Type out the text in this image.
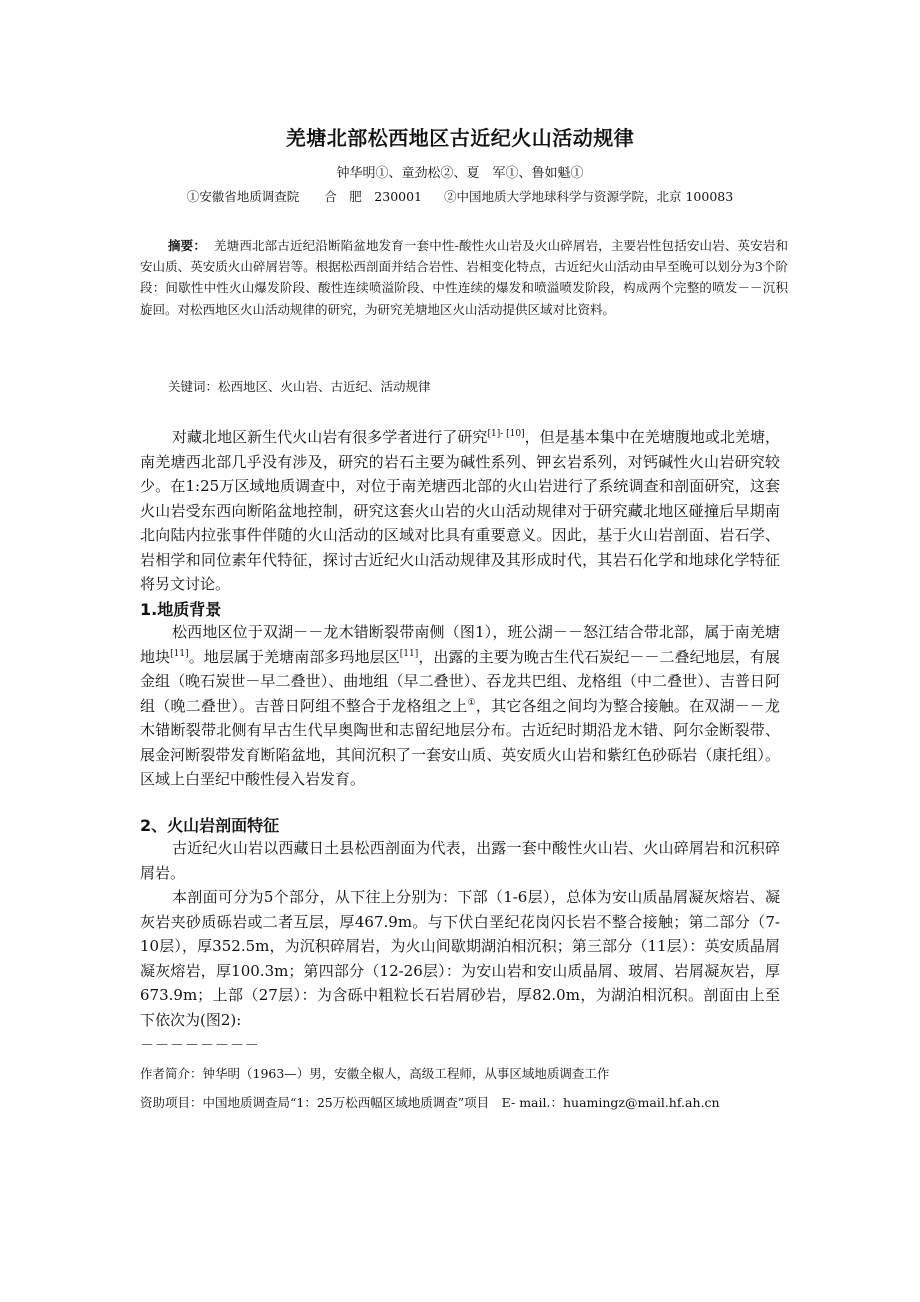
羌塘北部松西地区古近纪火山活动规律
钟华明①、童劲松②、夏　军①、鲁如魁①
①安徽省地质调查院　　合　肥　230001 ②中国地质大学地球科学与资源学院，北京 100083
摘要： 羌塘西北部古近纪沿断陷盆地发育一套中性-酸性火山岩及火山碎屑岩，主要岩性包括安山岩、英安岩和安山质、英安质火山碎屑岩等。根据松西剖面并结合岩性、岩相变化特点，古近纪火山活动由早至晚可以划分为3个阶段：间歇性中性火山爆发阶段、酸性连续喷溢阶段、中性连续的爆发和喷溢喷发阶段，构成两个完整的喷发－－沉积旋回。对松西地区火山活动规律的研究，为研究羌塘地区火山活动提供区域对比资料。
关键词：松西地区、火山岩、古近纪、活动规律
对藏北地区新生代火山岩有很多学者进行了研究[1]- [10]，但是基本集中在羌塘腹地或北羌塘，南羌塘西北部几乎没有涉及，研究的岩石主要为碱性系列、钾玄岩系列，对钙碱性火山岩研究较少。在1:25万区域地质调查中，对位于南羌塘西北部的火山岩进行了系统调查和剖面研究，这套火山岩受东西向断陷盆地控制，研究这套火山岩的火山活动规律对于研究藏北地区碰撞后早期南北向陆内拉张事件伴随的火山活动的区域对比具有重要意义。因此，基于火山岩剖面、岩石学、岩相学和同位素年代特征，探讨古近纪火山活动规律及其形成时代，其岩石化学和地球化学特征将另文讨论。
1.地质背景
松西地区位于双湖－－龙木错断裂带南侧（图1），班公湖－－怒江结合带北部，属于南羌塘地块[11]。地层属于羌塘南部多玛地层区[11]，出露的主要为晚古生代石炭纪－－二叠纪地层，有展金组（晚石炭世－早二叠世）、曲地组（早二叠世）、吞龙共巴组、龙格组（中二叠世）、吉普日阿组（晚二叠世）。吉普日阿组不整合于龙格组之上①，其它各组之间均为整合接触。在双湖－－龙木错断裂带北侧有早古生代早奥陶世和志留纪地层分布。古近纪时期沿龙木错、阿尔金断裂带、展金河断裂带发育断陷盆地，其间沉积了一套安山质、英安质火山岩和紫红色砂砾岩（康托组）。区域上白垩纪中酸性侵入岩发育。
2、火山岩剖面特征
古近纪火山岩以西藏日土县松西剖面为代表，出露一套中酸性火山岩、火山碎屑岩和沉积碎屑岩。
本剖面可分为5个部分，从下往上分别为：下部（1-6层），总体为安山质晶屑凝灰熔岩、凝灰岩夹砂质砾岩或二者互层，厚467.9m。与下伏白垩纪花岗闪长岩不整合接触；第二部分（7-10层），厚352.5m，为沉积碎屑岩，为火山间歇期湖泊相沉积；第三部分（11层）：英安质晶屑凝灰熔岩，厚100.3m；第四部分（12-26层）：为安山岩和安山质晶屑、玻屑、岩屑凝灰岩，厚673.9m；上部（27层）：为含砾中粗粒长石岩屑砂岩，厚82.0m，为湖泊相沉积。剖面由上至下依次为(图2):
－－－－－－－－
作者简介：钟华明（1963—）男，安徽全椒人，高级工程师，从事区域地质调查工作
资助项目：中国地质调查局“1：25万松西幅区域地质调查”项目　E- mail.：huamingz@mail.hf.ah.cn
